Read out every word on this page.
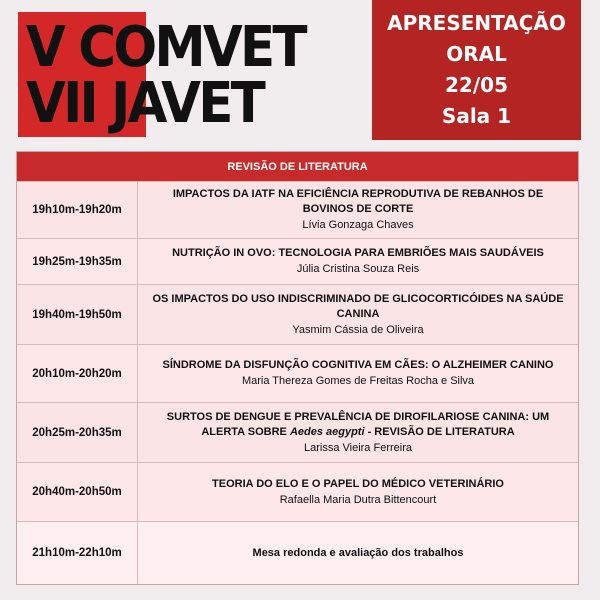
V COMVET
VII JAVET
APRESENTAÇÃO
ORAL
22/05
Sala 1
REVISÃO DE LITERATURA
19h10m-19h20m
IMPACTOS DA IATF NA EFICIÊNCIA REPRODUTIVA DE REBANHOS DE BOVINOS DE CORTE
Lívia Gonzaga Chaves
19h25m-19h35m
NUTRIÇÃO IN OVO: TECNOLOGIA PARA EMBRIÕES MAIS SAUDÁVEIS
Júlia Cristina Souza Reis
19h40m-19h50m
OS IMPACTOS DO USO INDISCRIMINADO DE GLICOCORTICÓIDES NA SAÚDE CANINA
Yasmim Cássia de Oliveira
20h10m-20h20m
SÍNDROME DA DISFUNÇÃO COGNITIVA EM CÃES: O ALZHEIMER CANINO
Maria Thereza Gomes de Freitas Rocha e Silva
20h25m-20h35m
SURTOS DE DENGUE E PREVALÊNCIA DE DIROFILARIOSE CANINA: UM ALERTA SOBRE Aedes aegypti - REVISÃO DE LITERATURA
Larissa Vieira Ferreira
20h40m-20h50m
TEORIA DO ELO E O PAPEL DO MÉDICO VETERINÁRIO
Rafaella Maria Dutra Bittencourt
21h10m-22h10m	Mesa redonda e avaliação dos trabalhos
